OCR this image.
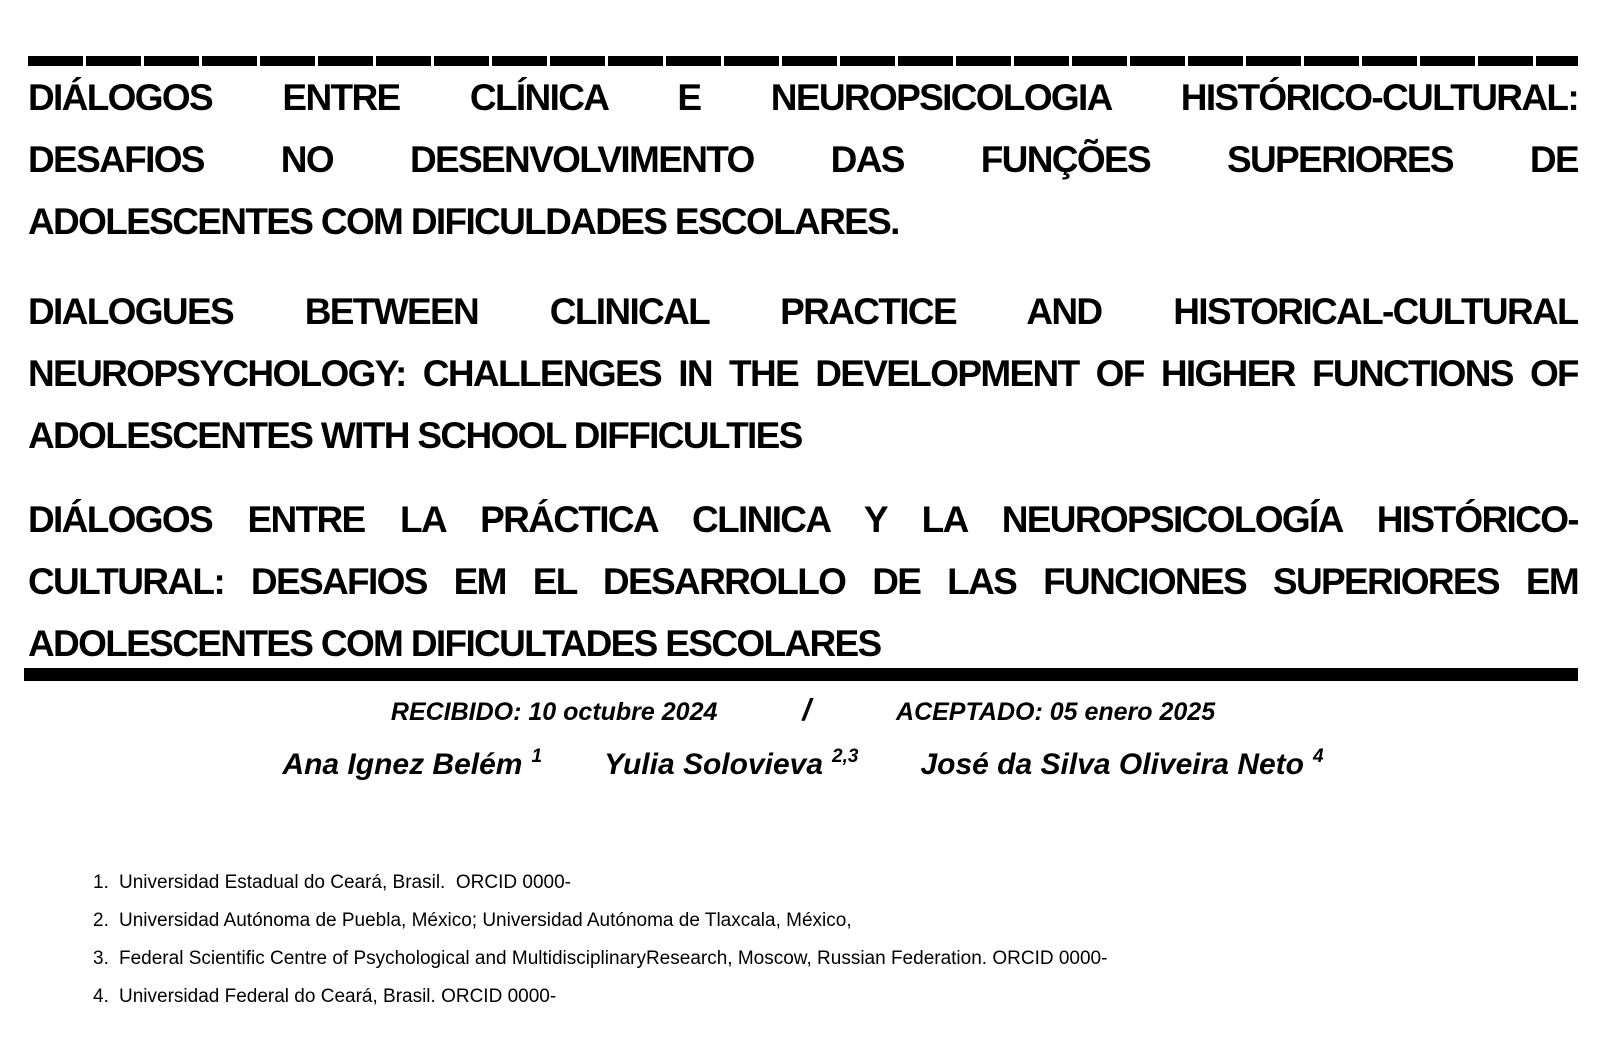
DIÁLOGOS ENTRE CLÍNICA E NEUROPSICOLOGIA HISTÓRICO-CULTURAL:
DESAFIOS NO DESENVOLVIMENTO DAS FUNÇÕES SUPERIORES DE
ADOLESCENTES COM DIFICULDADES ESCOLARES.
DIALOGUES BETWEEN CLINICAL PRACTICE AND HISTORICAL-CULTURAL
NEUROPSYCHOLOGY: CHALLENGES IN THE DEVELOPMENT OF HIGHER FUNCTIONS OF
ADOLESCENTES WITH SCHOOL DIFFICULTIES
DIÁLOGOS ENTRE LA PRÁCTICA CLINICA Y LA NEUROPSICOLOGÍA HISTÓRICO-
CULTURAL: DESAFIOS EM EL DESARROLLO DE LAS FUNCIONES SUPERIORES EM
ADOLESCENTES COM DIFICULTADES ESCOLARES
RECIBIDO: 10 octubre 2024	/	ACEPTADO: 05 enero 2025
Ana Ignez Belém $^1$ Yulia Solovieva $^{2,3}$ José da Silva Oliveira Neto $^4$
1. Universidad Estadual do Ceará, Brasil.  ORCID 0000-
2. Universidad Autónoma de Puebla, México; Universidad Autónoma de Tlaxcala, México,
3. Federal Scientific Centre of Psychological and MultidisciplinaryResearch, Moscow, Russian Federation. ORCID 0000-
4. Universidad Federal do Ceará, Brasil. ORCID 0000-
